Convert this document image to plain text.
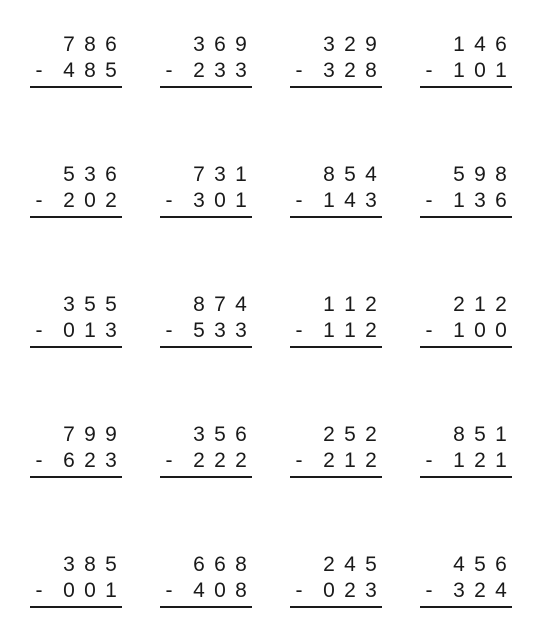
7 8 6
- 4 8 5
3 6 9
- 2 3 3
3 2 9
- 3 2 8
1 4 6
- 1 0 1
5 3 6
- 2 0 2
7 3 1
- 3 0 1
8 5 4
- 1 4 3
5 9 8
- 1 3 6
3 5 5
- 0 1 3
8 7 4
- 5 3 3
1 1 2
- 1 1 2
2 1 2
- 1 0 0
7 9 9
- 6 2 3
3 5 6
- 2 2 2
2 5 2
- 2 1 2
8 5 1
- 1 2 1
3 8 5
- 0 0 1
6 6 8
- 4 0 8
2 4 5
- 0 2 3
4 5 6
- 3 2 4
